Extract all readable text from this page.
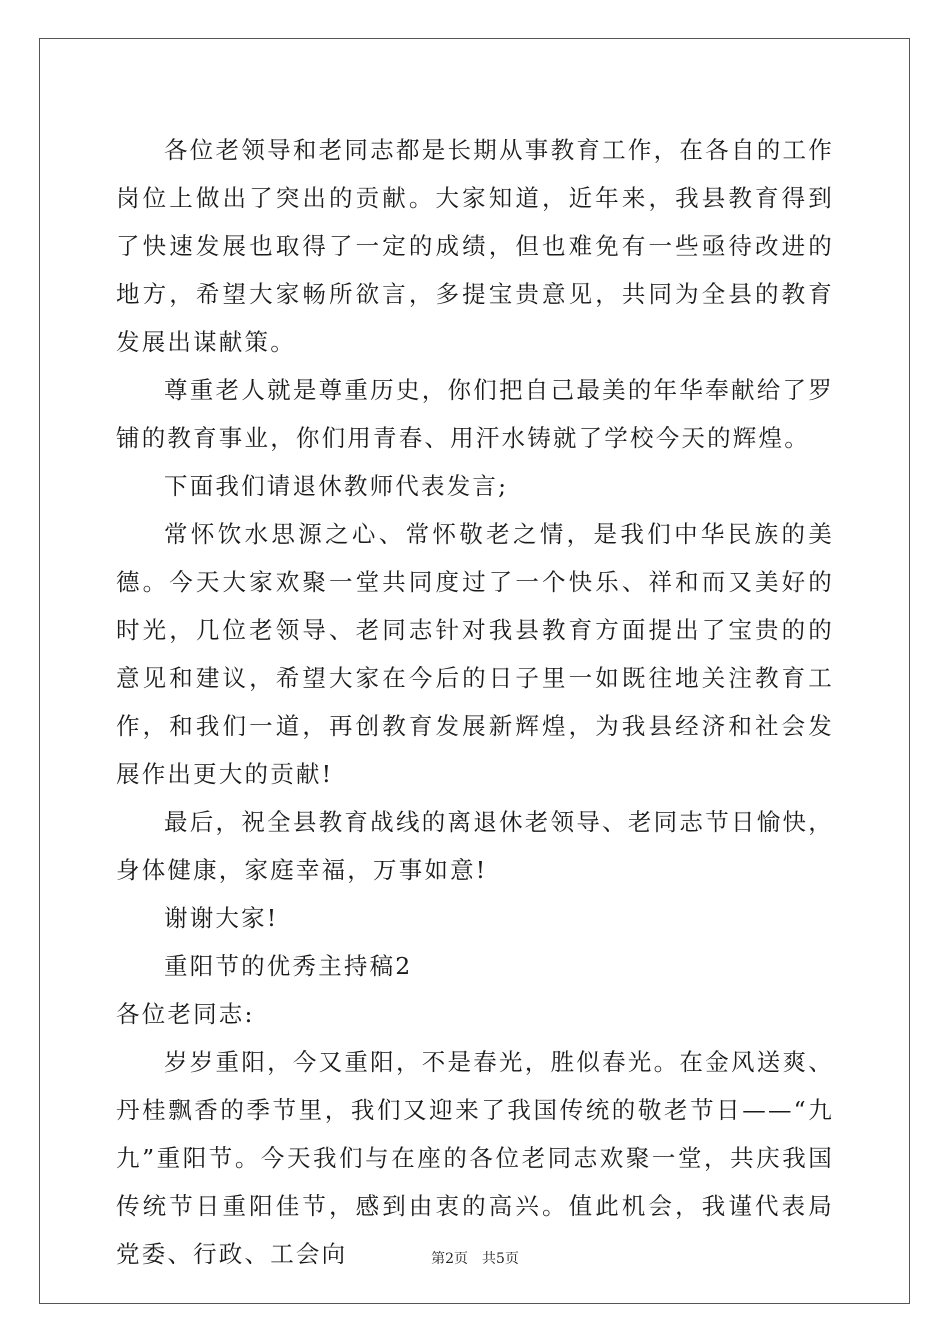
各位老领导和老同志都是长期从事教育工作，在各自的工作岗位上做出了突出的贡献。大家知道，近年来，我县教育得到了快速发展也取得了一定的成绩，但也难免有一些亟待改进的地方，希望大家畅所欲言，多提宝贵意见，共同为全县的教育发展出谋献策。

尊重老人就是尊重历史，你们把自己最美的年华奉献给了罗铺的教育事业，你们用青春、用汗水铸就了学校今天的辉煌。

下面我们请退休教师代表发言;

常怀饮水思源之心、常怀敬老之情，是我们中华民族的美德。今天大家欢聚一堂共同度过了一个快乐、祥和而又美好的时光，几位老领导、老同志针对我县教育方面提出了宝贵的的意见和建议，希望大家在今后的日子里一如既往地关注教育工作，和我们一道，再创教育发展新辉煌，为我县经济和社会发展作出更大的贡献!

最后，祝全县教育战线的离退休老领导、老同志节日愉快，身体健康，家庭幸福，万事如意!

谢谢大家!

重阳节的优秀主持稿2

各位老同志:

岁岁重阳，今又重阳，不是春光，胜似春光。在金风送爽、丹桂飘香的季节里，我们又迎来了我国传统的敬老节日——“九九”重阳节。今天我们与在座的各位老同志欢聚一堂，共庆我国传统节日重阳佳节，感到由衷的高兴。值此机会，我谨代表局党委、行政、工会向	第2页 共5页
